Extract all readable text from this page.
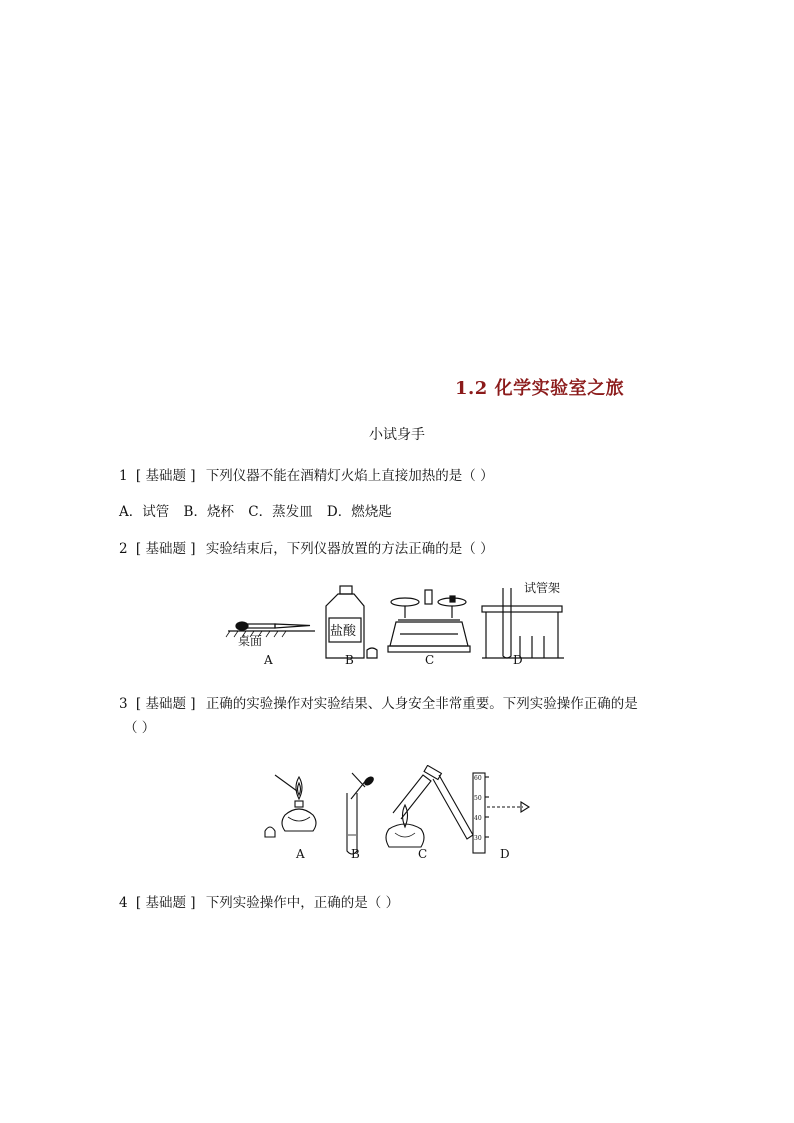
1.2 化学实验室之旅
小试身手
1 [ 基础题 ] 下列仪器不能在酒精灯火焰上直接加热的是（ ）
A．试管 B．烧杯 C．蒸发皿 D．燃烧匙
2 [ 基础题 ] 实验结束后，下列仪器放置的方法正确的是（ ）
桌面
盐酸
试管架
A	B	C	D
3 [ 基础题 ] 正确的实验操作对实验结果、人身安全非常重要。下列实验操作正确的是
（ ）
60
50
40
30
A	B	C	D
4 [ 基础题 ] 下列实验操作中，正确的是（ ）
